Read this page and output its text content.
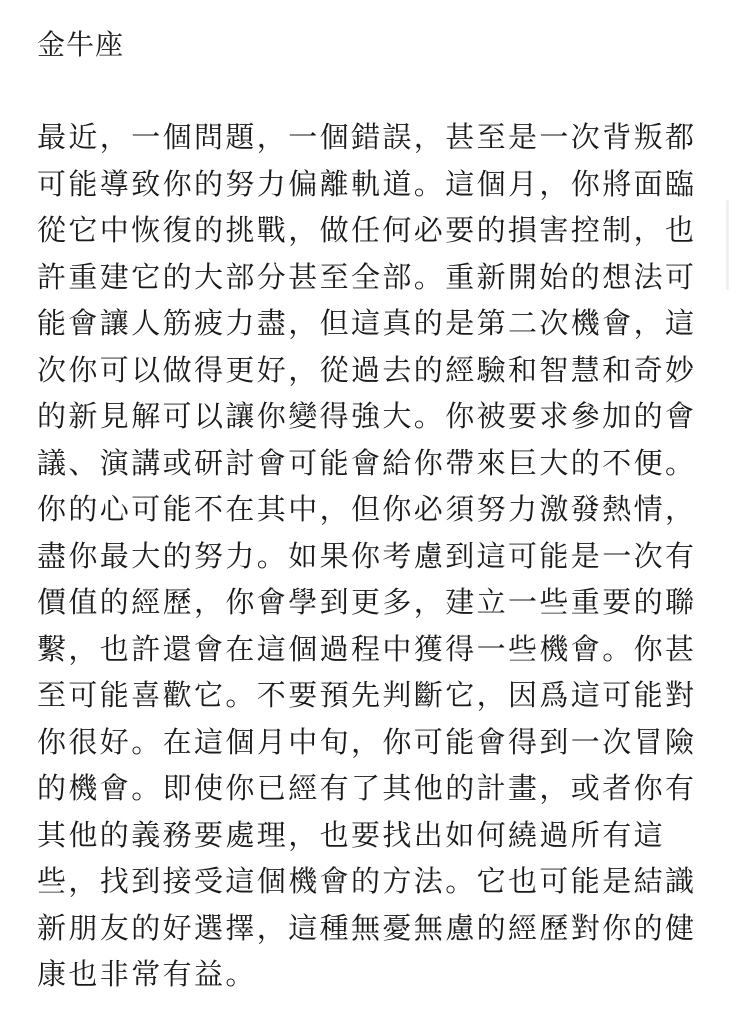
金牛座
最近，一個問題，一個錯誤，甚至是一次背叛都
可能導致你的努力偏離軌道。這個月，你將面臨
從它中恢復的挑戰，做任何必要的損害控制，也
許重建它的大部分甚至全部。重新開始的想法可
能會讓人筋疲力盡，但這真的是第二次機會，這
次你可以做得更好，從過去的經驗和智慧和奇妙
的新見解可以讓你變得強大。你被要求參加的會
議、演講或研討會可能會給你帶來巨大的不便。
你的心可能不在其中，但你必須努力激發熱情，
盡你最大的努力。如果你考慮到這可能是一次有
價值的經歷，你會學到更多，建立一些重要的聯
繫，也許還會在這個過程中獲得一些機會。你甚
至可能喜歡它。不要預先判斷它，因爲這可能對
你很好。在這個月中旬，你可能會得到一次冒險
的機會。即使你已經有了其他的計畫，或者你有
其他的義務要處理，也要找出如何繞過所有這
些，找到接受這個機會的方法。它也可能是結識
新朋友的好選擇，這種無憂無慮的經歷對你的健
康也非常有益。
